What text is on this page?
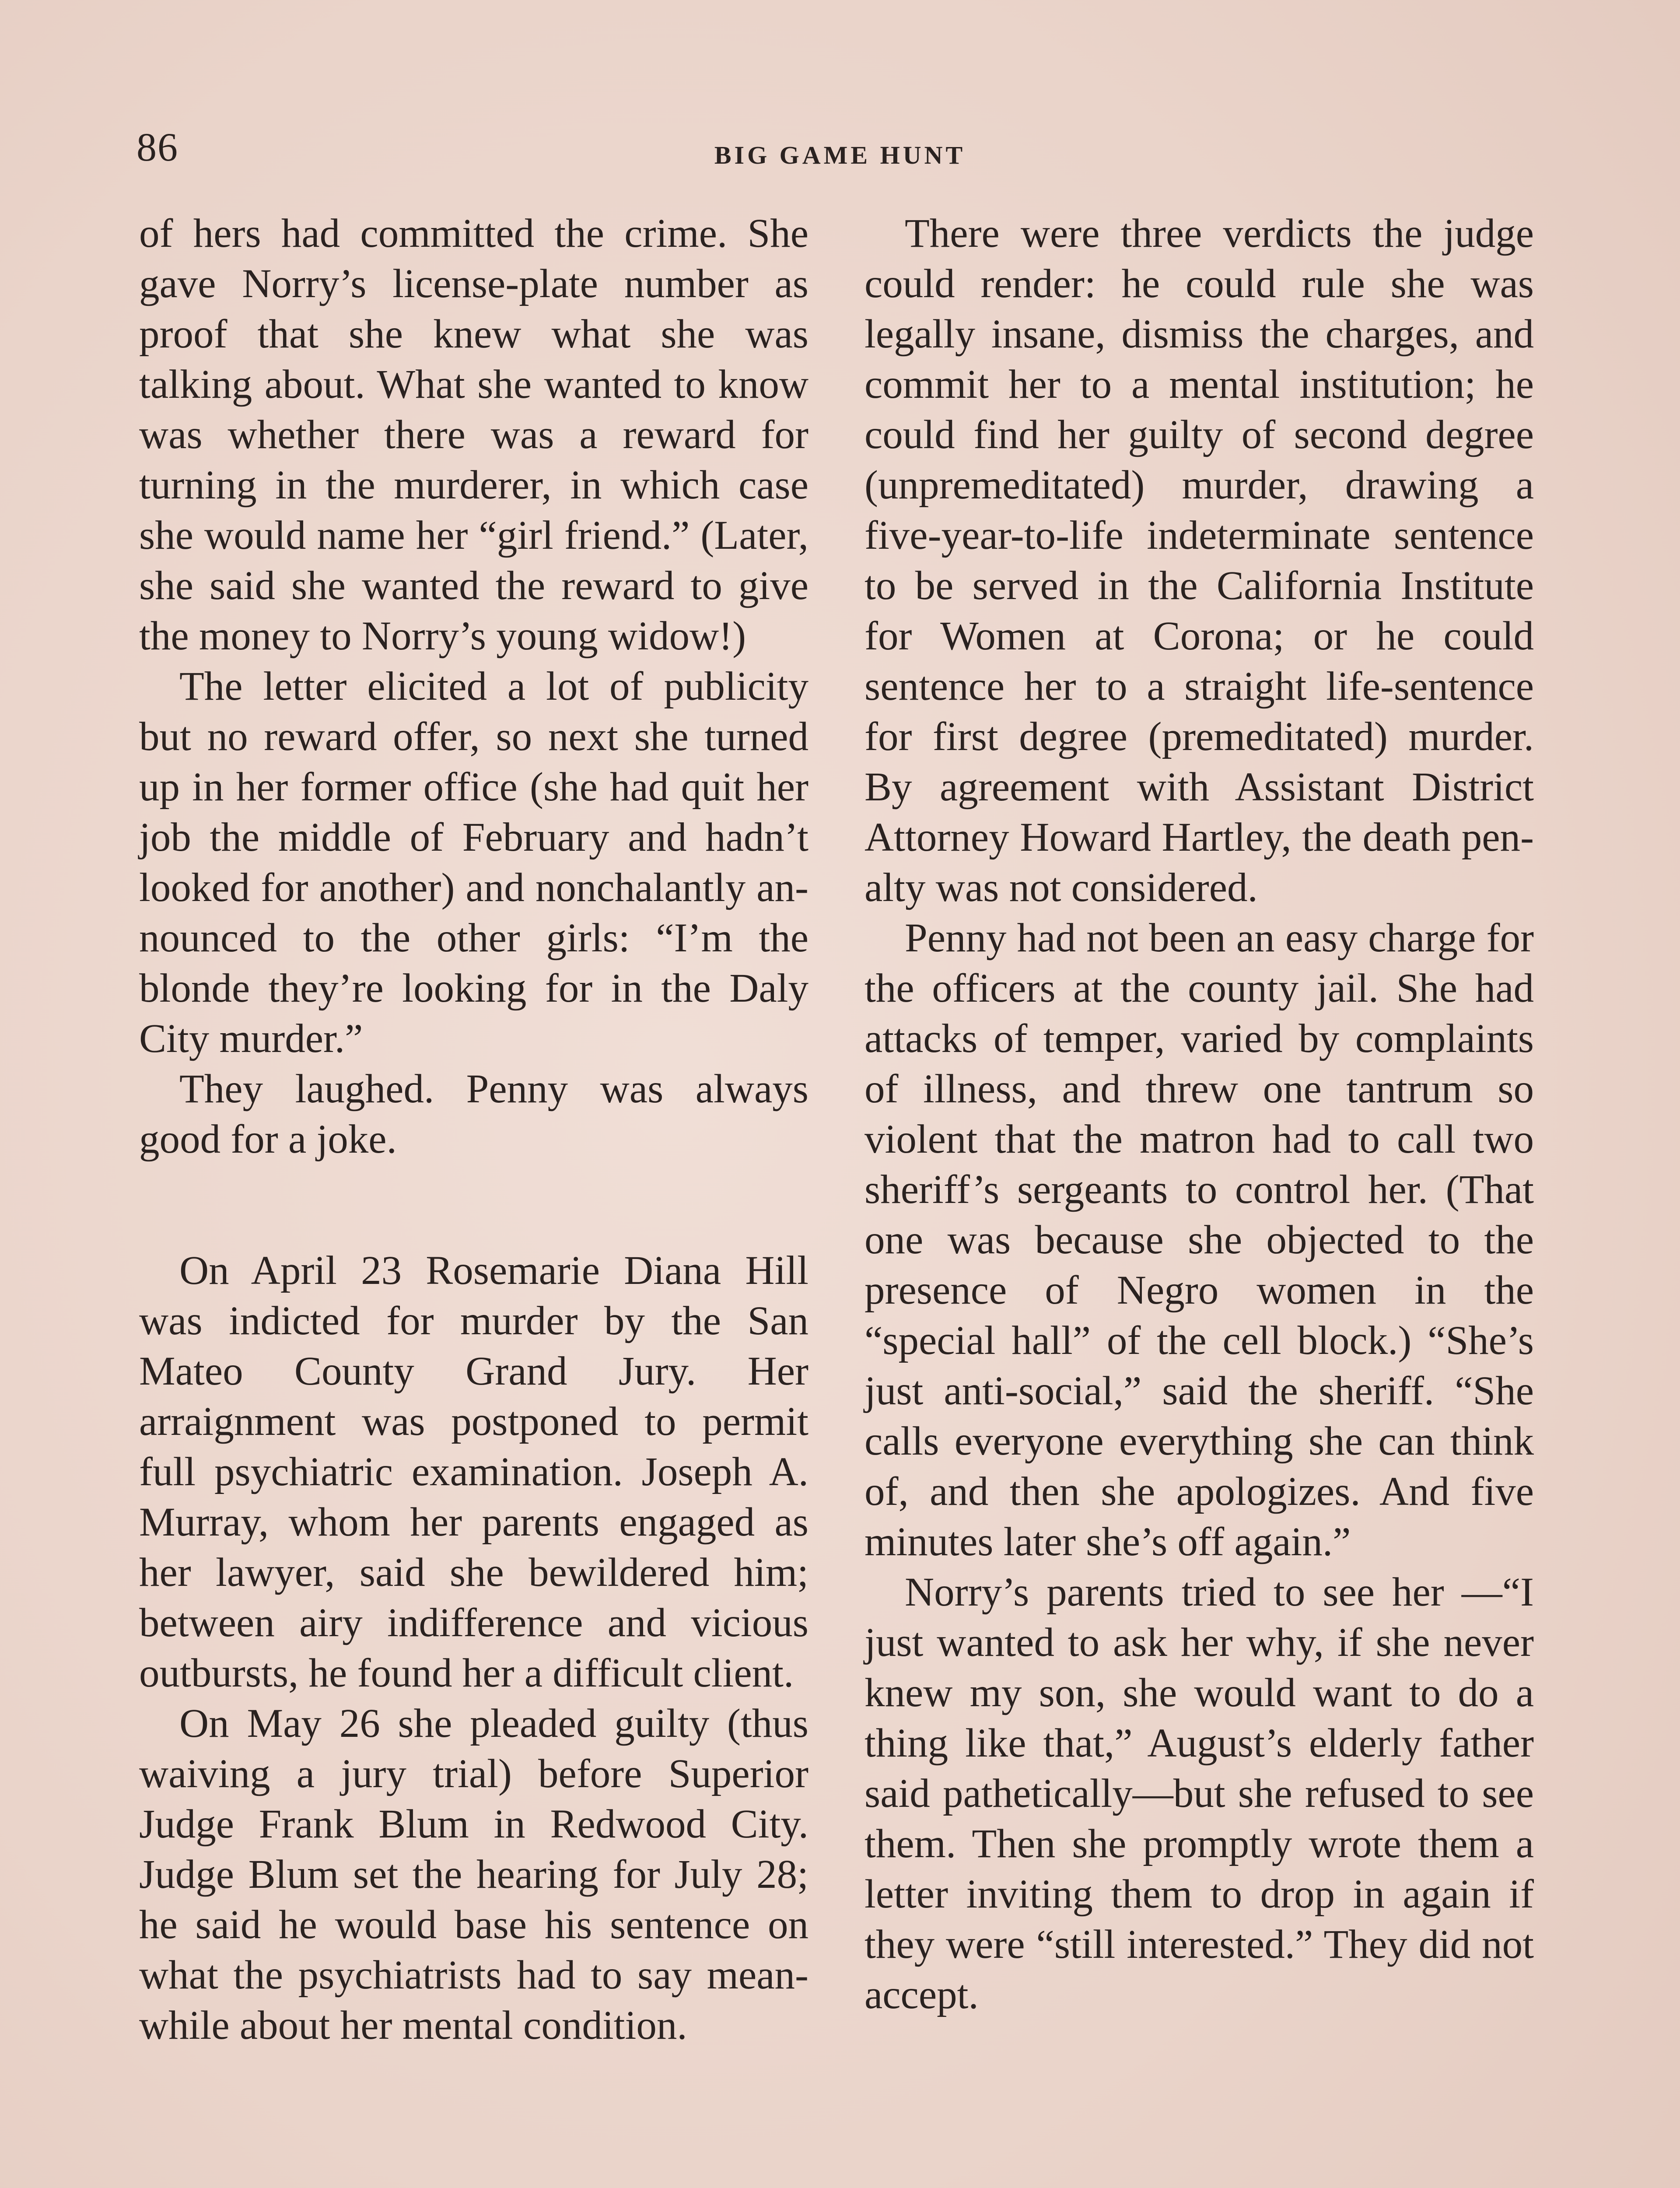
86	BIG GAME HUNT

of hers had committed the crime. She gave Norry’s license-plate number as proof that she knew what she was talking about. What she wanted to know was whether there was a reward for turning in the murderer, in which case she would name her “girl friend.” (Later, she said she wanted the reward to give the money to Norry’s young widow!)

The letter elicited a lot of publicity but no reward offer, so next she turned up in her former office (she had quit her job the middle of February and hadn’t looked for another) and nonchalantly announced to the other girls: “I’m the blonde they’re looking for in the Daly City murder.”

They laughed. Penny was always good for a joke.

On April 23 Rosemarie Diana Hill was indicted for murder by the San Mateo County Grand Jury. Her arraignment was postponed to permit full psychiatric examination. Joseph A. Murray, whom her parents engaged as her lawyer, said she bewildered him; between airy indifference and vicious outbursts, he found her a difficult client.

On May 26 she pleaded guilty (thus waiving a jury trial) before Superior Judge Frank Blum in Redwood City. Judge Blum set the hearing for July 28; he said he would base his sentence on what the psychiatrists had to say meanwhile about her mental condition.

There were three verdicts the judge could render: he could rule she was legally insane, dismiss the charges, and commit her to a mental institution; he could find her guilty of second degree (unpremeditated) murder, drawing a five-year-to-life indeterminate sentence to be served in the California Institute for Women at Corona; or he could sentence her to a straight life-sentence for first degree (premeditated) murder. By agreement with Assistant District Attorney Howard Hartley, the death penalty was not considered.

Penny had not been an easy charge for the officers at the county jail. She had attacks of temper, varied by complaints of illness, and threw one tantrum so violent that the matron had to call two sheriff’s sergeants to control her. (That one was because she objected to the presence of Negro women in the “special hall” of the cell block.) “She’s just anti-social,” said the sheriff. “She calls everyone everything she can think of, and then she apologizes. And five minutes later she’s off again.”

Norry’s parents tried to see her —“I just wanted to ask her why, if she never knew my son, she would want to do a thing like that,” August’s elderly father said pathetically—but she refused to see them. Then she promptly wrote them a letter inviting them to drop in again if they were “still interested.” They did not accept.
